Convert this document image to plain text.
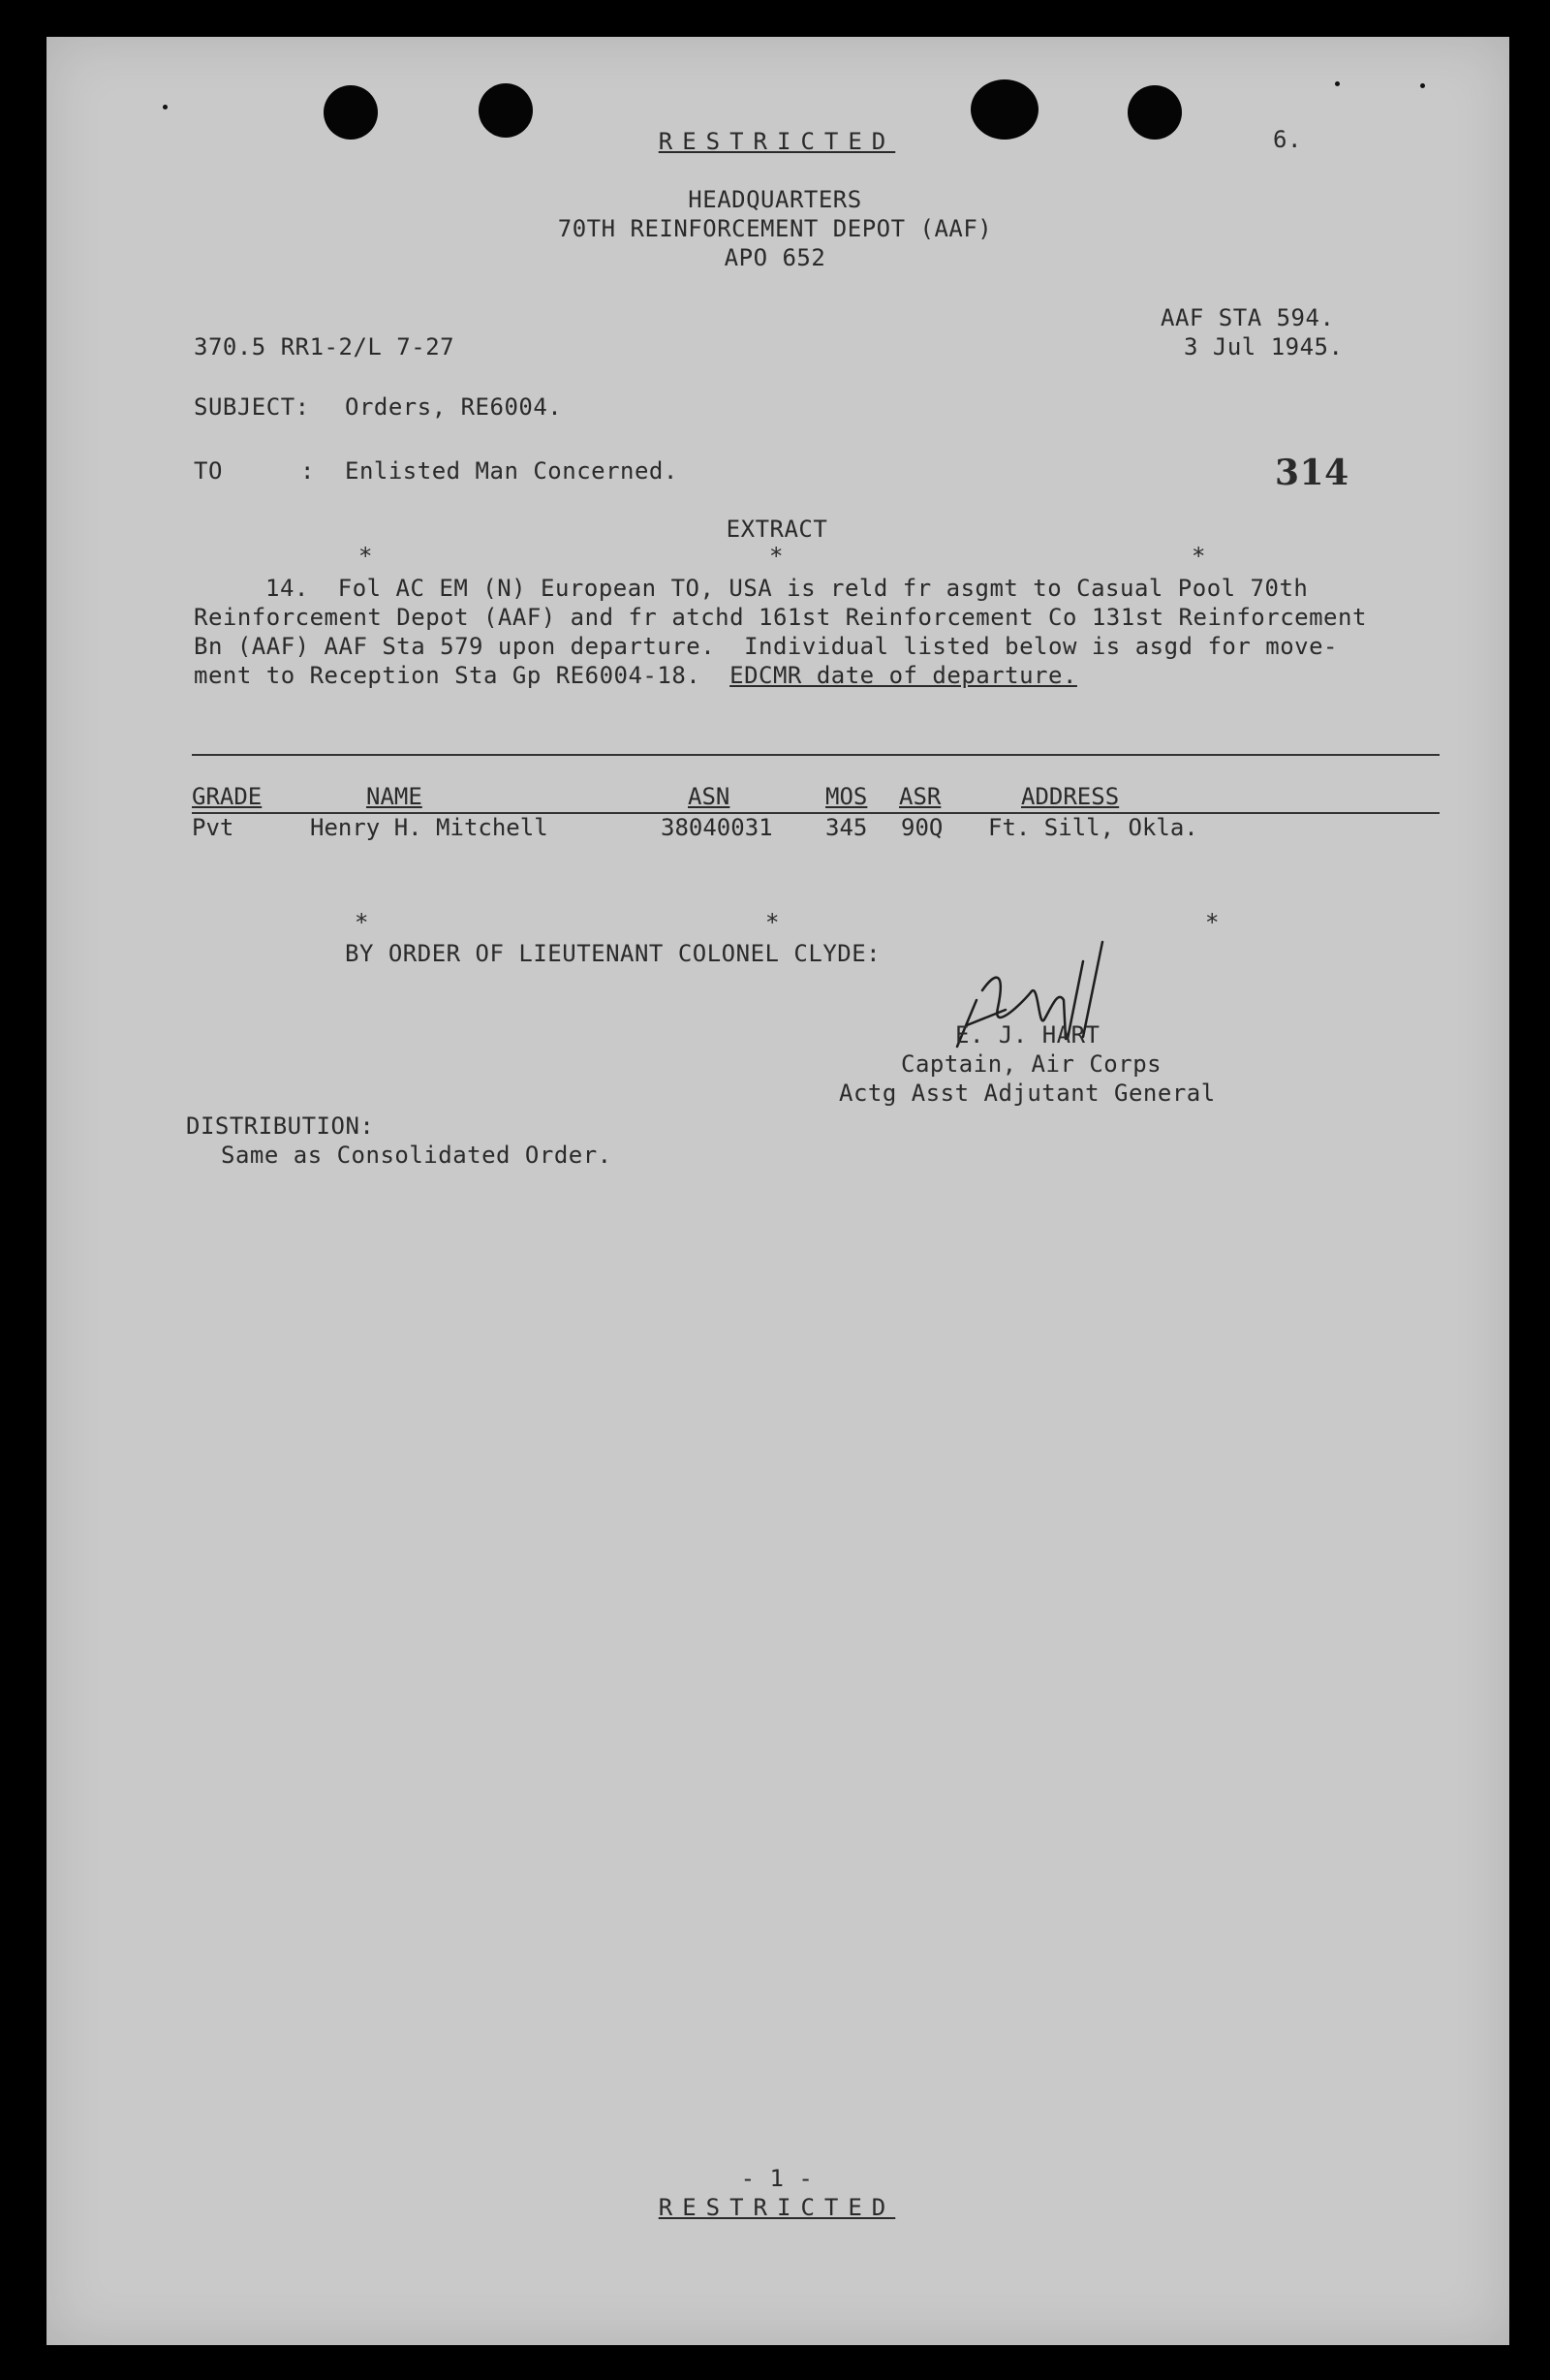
RESTRICTED	6.
HEADQUARTERS
70TH REINFORCEMENT DEPOT (AAF)
APO 652
AAF STA 594.
370.5 RR1-2/L 7-27	3 Jul 1945.
SUBJECT: Orders, RE6004.
TO	: Enlisted Man Concerned.	314
EXTRACT
*	*	*
14.  Fol AC EM (N) European TO, USA is reld fr asgmt to Casual Pool 70th
Reinforcement Depot (AAF) and fr atchd 161st Reinforcement Co 131st Reinforcement
Bn (AAF) AAF Sta 579 upon departure.  Individual listed below is asgd for move-
ment to Reception Sta Gp RE6004-18.  EDCMR date of departure.
GRADE	NAME	ASN	MOS ASR	ADDRESS
Pvt	Henry H. Mitchell	38040031 345 90Q Ft. Sill, Okla.
*	*	*
BY ORDER OF LIEUTENANT COLONEL CLYDE:
E. J. HART
Captain, Air Corps
Actg Asst Adjutant General
DISTRIBUTION:
Same as Consolidated Order.
- 1 -
RESTRICTED
